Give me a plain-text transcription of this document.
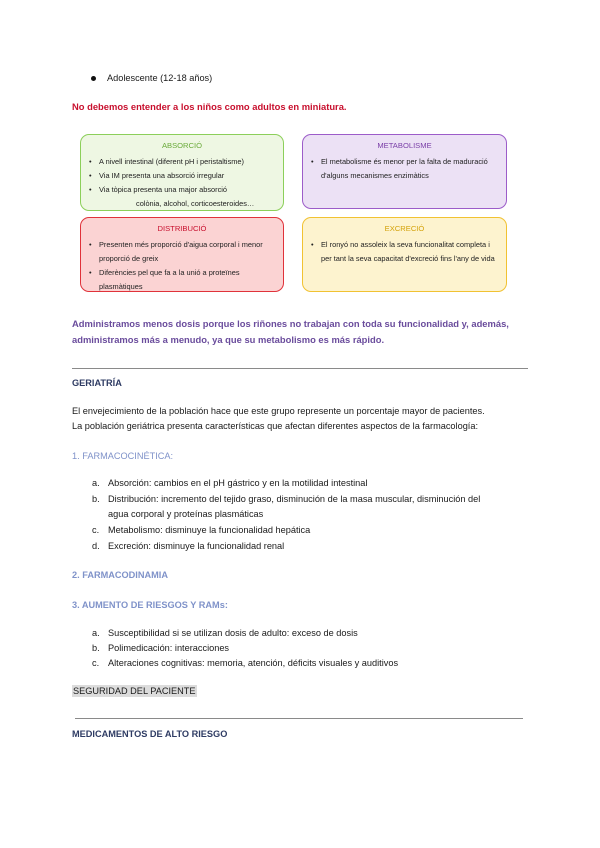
Adolescente (12-18 años)
No debemos entender a los niños como adultos en miniatura.
ABSORCIÓ
• A nivell intestinal (diferent pH i peristaltisme)
• Via IM presenta una absorció irregular
• Via tòpica presenta una major absorció
colònia, alcohol, corticoesteroides…
METABOLISME
• El metabolisme és menor per la falta de maduració
d'alguns mecanismes enzimàtics
DISTRIBUCIÓ
• Presenten més proporció d'aigua corporal i menor
proporció de greix
• Diferències pel que fa a la unió a proteïnes
plasmàtiques
EXCRECIÓ
• El ronyó no assoleix la seva funcionalitat completa i
per tant la seva capacitat d'excreció fins l'any de vida
Administramos menos dosis porque los riñones no trabajan con toda su funcionalidad y, además,
administramos más a menudo, ya que su metabolismo es más rápido.
GERIATRÍA
El envejecimiento de la población hace que este grupo represente un porcentaje mayor de pacientes.
La población geriátrica presenta características que afectan diferentes aspectos de la farmacología:
1. FARMACOCINÉTICA:
a. Absorción: cambios en el pH gástrico y en la motilidad intestinal
b. Distribución: incremento del tejido graso, disminución de la masa muscular, disminución del
agua corporal y proteínas plasmáticas
c. Metabolismo: disminuye la funcionalidad hepática
d. Excreción: disminuye la funcionalidad renal
2. FARMACODINAMIA
3. AUMENTO DE RIESGOS Y RAMs:
a. Susceptibilidad si se utilizan dosis de adulto: exceso de dosis
b. Polimedicación: interacciones
c. Alteraciones cognitivas: memoria, atención, déficits visuales y auditivos
SEGURIDAD DEL PACIENTE
MEDICAMENTOS DE ALTO RIESGO
